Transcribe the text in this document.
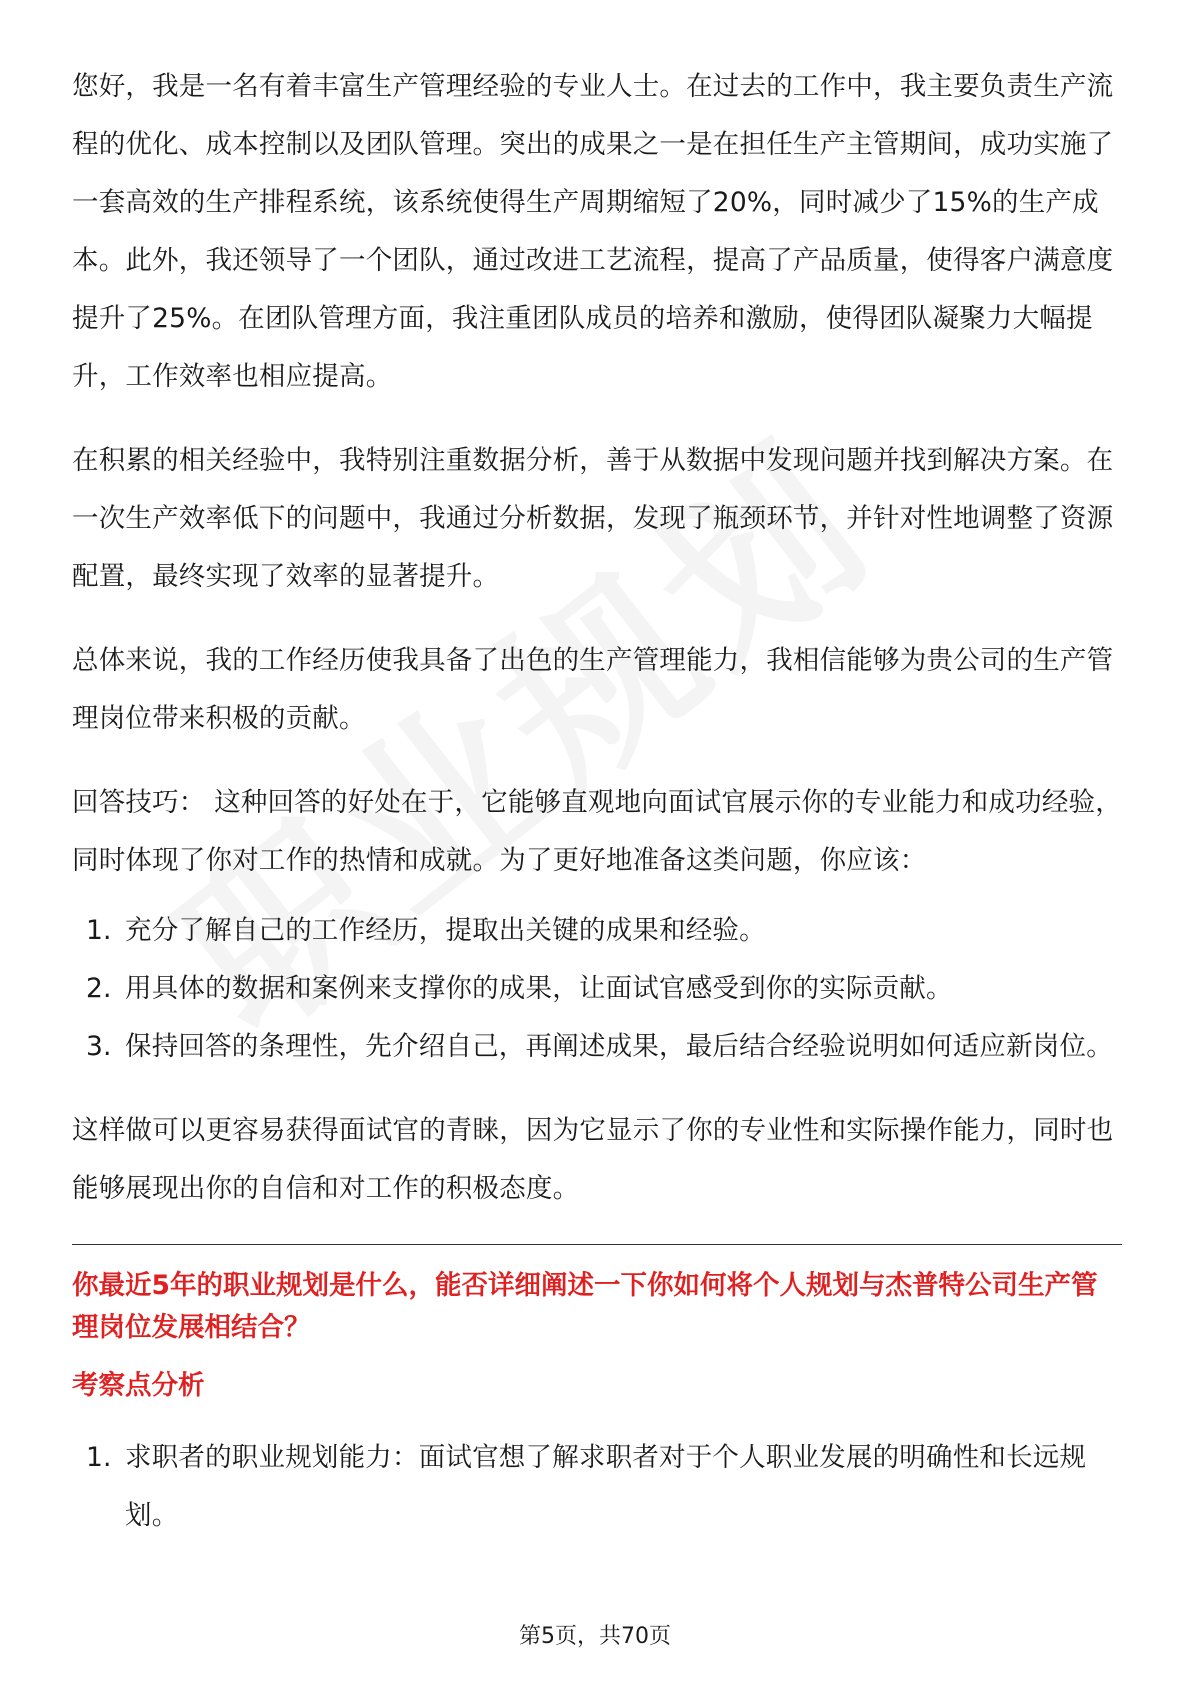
您好，我是一名有着丰富生产管理经验的专业人士。在过去的工作中，我主要负责生产流程的优化、成本控制以及团队管理。突出的成果之一是在担任生产主管期间，成功实施了一套高效的生产排程系统，该系统使得生产周期缩短了20%，同时减少了15%的生产成本。此外，我还领导了一个团队，通过改进工艺流程，提高了产品质量，使得客户满意度提升了25%。在团队管理方面，我注重团队成员的培养和激励，使得团队凝聚力大幅提升，工作效率也相应提高。

在积累的相关经验中，我特别注重数据分析，善于从数据中发现问题并找到解决方案。在一次生产效率低下的问题中，我通过分析数据，发现了瓶颈环节，并针对性地调整了资源配置，最终实现了效率的显著提升。

总体来说，我的工作经历使我具备了出色的生产管理能力，我相信能够为贵公司的生产管理岗位带来积极的贡献。

回答技巧： 这种回答的好处在于，它能够直观地向面试官展示你的专业能力和成功经验，同时体现了你对工作的热情和成就。为了更好地准备这类问题，你应该：

1. 充分了解自己的工作经历，提取出关键的成果和经验。
2. 用具体的数据和案例来支撑你的成果，让面试官感受到你的实际贡献。
3. 保持回答的条理性，先介绍自己，再阐述成果，最后结合经验说明如何适应新岗位。

这样做可以更容易获得面试官的青睐，因为它显示了你的专业性和实际操作能力，同时也能够展现出你的自信和对工作的积极态度。

你最近5年的职业规划是什么，能否详细阐述一下你如何将个人规划与杰普特公司生产管理岗位发展相结合？
考察点分析
1. 求职者的职业规划能力：面试官想了解求职者对于个人职业发展的明确性和长远规划。
第5页，共70页
